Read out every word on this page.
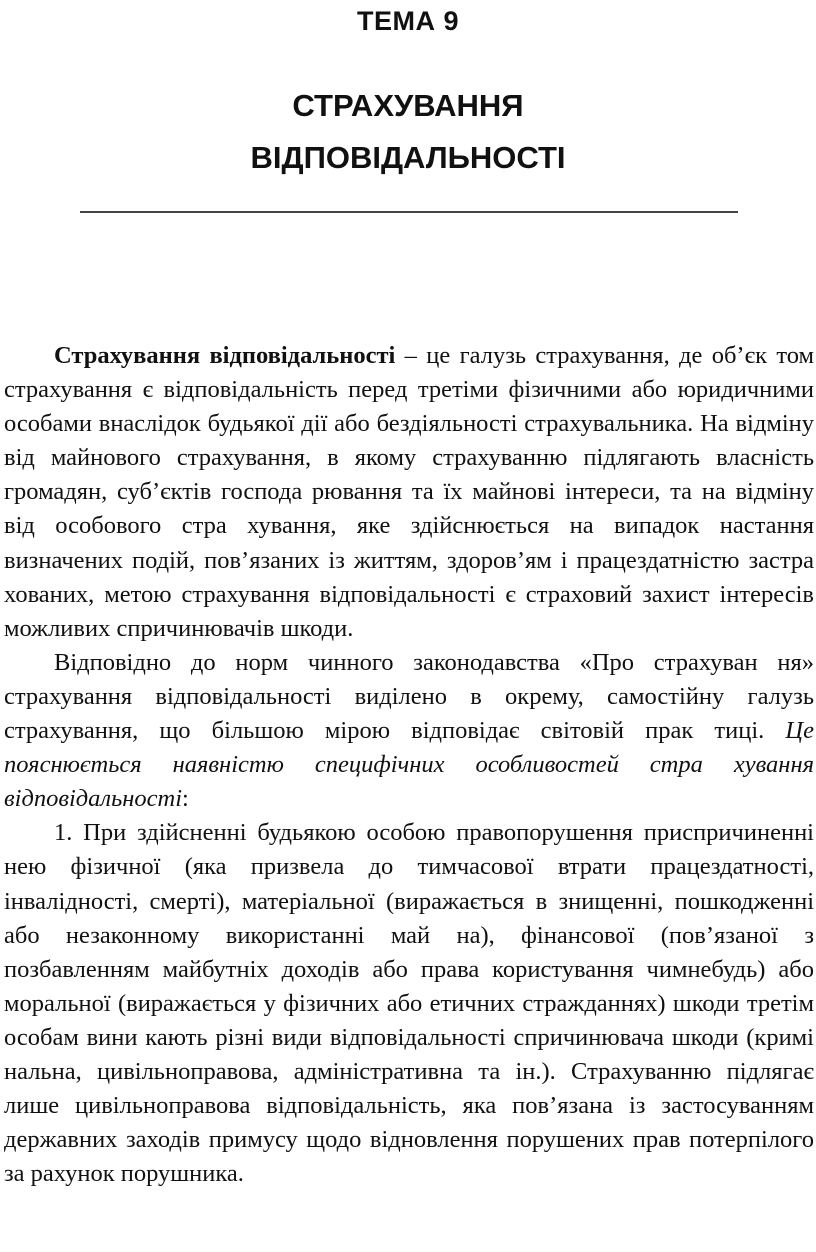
ТЕМА 9
СТРАХУВАННЯ
ВІДПОВІДАЛЬНОСТІ

Страхування відповідальності – це галузь страхування, де об’єк том страхування є відповідальність перед третіми фізичними або юридичними особами внаслідок будьякої дії або бездіяльності страхувальника. На відміну від майнового страхування, в якому страхуванню підлягають власність громадян, суб’єктів господа рювання та їх майнові інтереси, та на відміну від особового стра хування, яке здійснюється на випадок настання визначених подій, пов’язаних із життям, здоров’ям і працездатністю застра хованих, метою страхування відповідальності є страховий захист інтересів можливих спричинювачів шкоди.

Відповідно до норм чинного законодавства «Про страхуван ня» страхування відповідальності виділено в окрему, самостійну галузь страхування, що більшою мірою відповідає світовій прак тиці. Це пояснюється наявністю специфічних особливостей стра хування відповідальності:

1. При здійсненні будьякою особою правопорушення приспричиненні нею фізичної (яка призвела до тимчасової втрати працездатності, інвалідності, смерті), матеріальної (виражається в знищенні, пошкодженні або незаконному використанні май на), фінансової (пов’язаної з позбавленням майбутніх доходів або права користування чимнебудь) або моральної (виражається у фізичних або етичних стражданнях) шкоди третім особам вини кають різні види відповідальності спричинювача шкоди (кримі нальна, цивільноправова, адміністративна та ін.). Страхуванню підлягає лише цивільноправова відповідальність, яка пов’язана із застосуванням державних заходів примусу щодо відновлення порушених прав потерпілого за рахунок порушника.
